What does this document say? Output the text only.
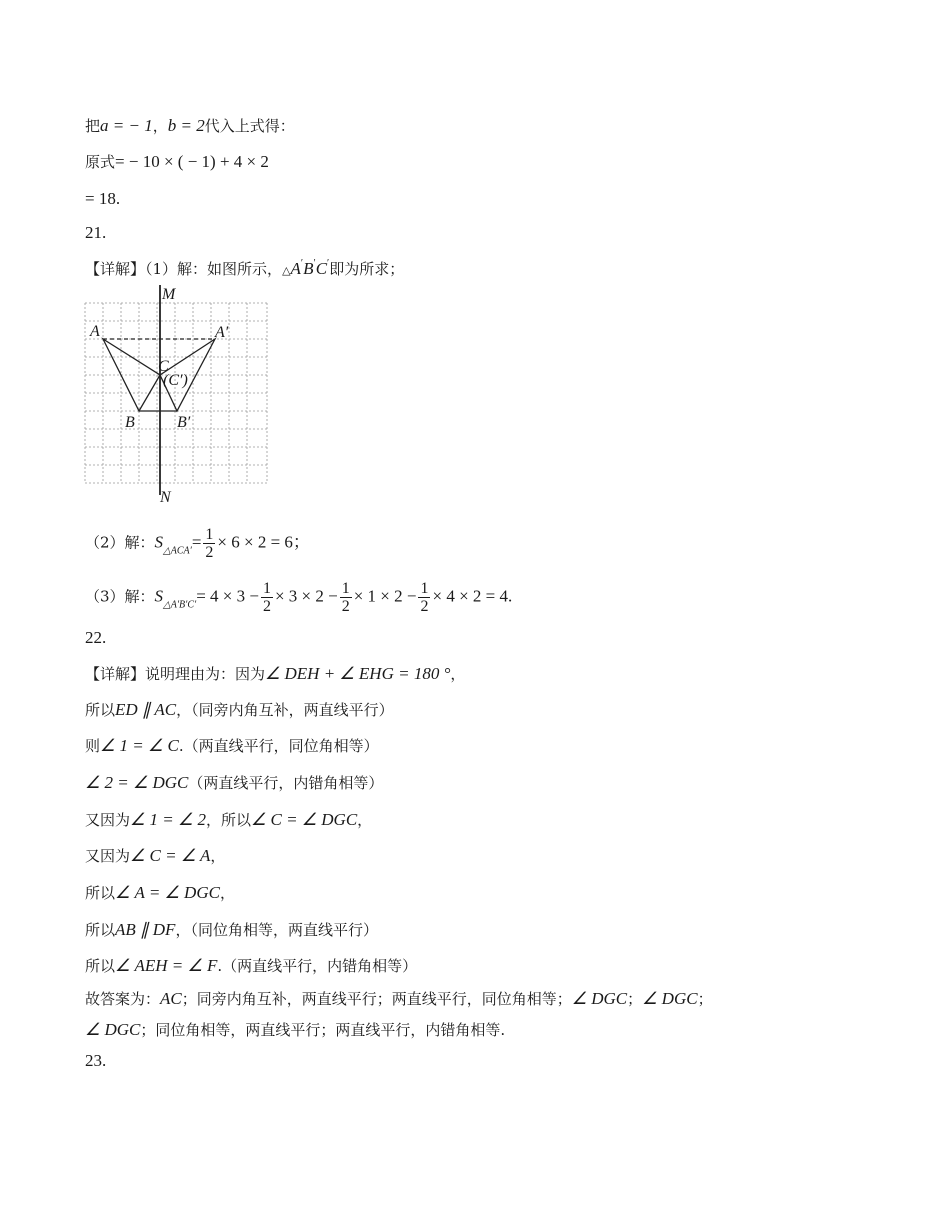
把a = − 1，b = 2代入上式得：
原式= − 10 × ( − 1) + 4 × 2
= 18.
21.
【详解】（1）解：如图所示，△A′B′C′即为所求；
M
N
A	A′
C
(C′)
B	B′
（2）解：$S_{\triangle ACA'}= \frac{1}{2} \times 6 \times 2 = 6$；
（3）解：$S_{\triangle A'B'C'}= 4 \times 3 - \frac{1}{2} \times 3 \times 2 - \frac{1}{2} \times 1 \times 2 - \frac{1}{2} \times 4 \times 2 = 4$.
22.
【详解】说明理由为：因为∠ DEH + ∠ EHG = 180 °，
所以ED ∥ AC，（同旁内角互补，两直线平行）
则∠ 1 = ∠ C.（两直线平行，同位角相等）
∠ 2 = ∠ DGC（两直线平行，内错角相等）
又因为∠ 1 = ∠ 2，所以∠ C = ∠ DGC，
又因为∠ C = ∠ A，
所以∠ A = ∠ DGC，
所以AB ∥ DF，（同位角相等，两直线平行）
所以∠ AEH = ∠ F.（两直线平行，内错角相等）
故答案为：AC；同旁内角互补，两直线平行；两直线平行，同位角相等；∠ DGC；∠ DGC；
∠ DGC；同位角相等，两直线平行；两直线平行，内错角相等.
23.
